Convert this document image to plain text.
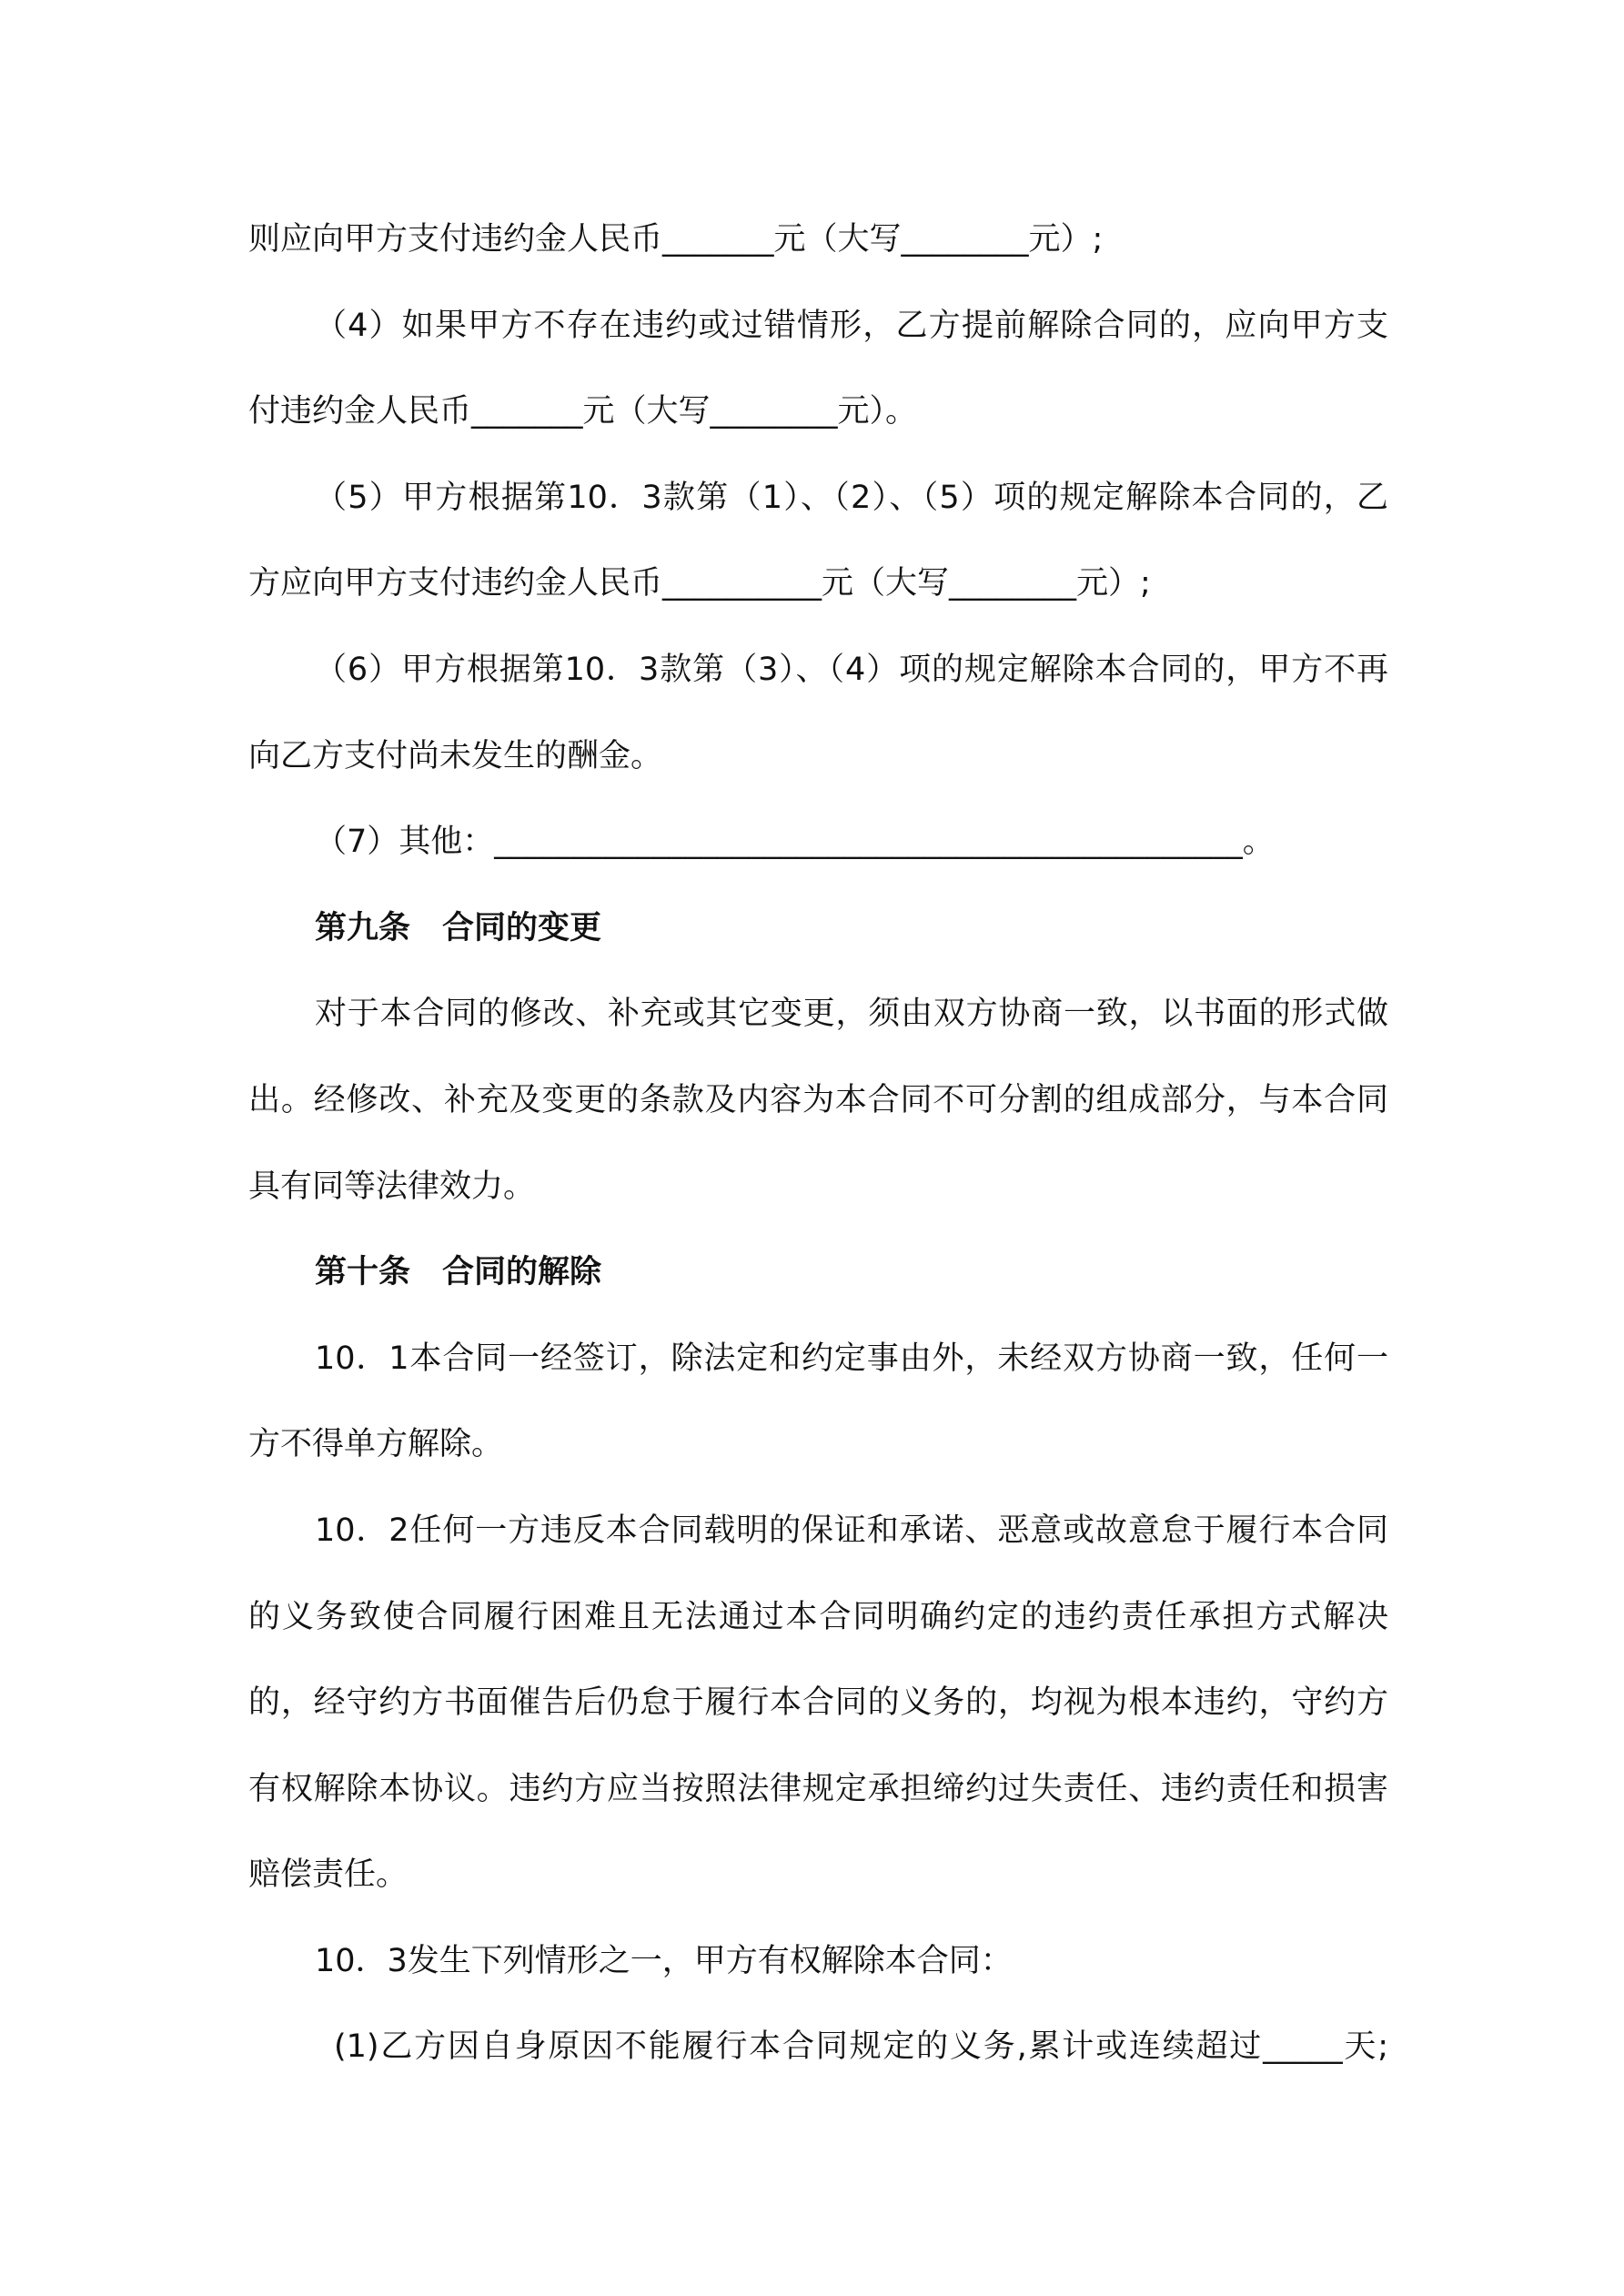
则应向甲方支付违约金人民币_______元（大写________元）;
（4）如果甲方不存在违约或过错情形，乙方提前解除合同的，应向甲方支
付违约金人民币_______元（大写________元）。
（5）甲方根据第10．3款第（1）、（2）、（5）项的规定解除本合同的，乙
方应向甲方支付违约金人民币__________元（大写________元）;
（6）甲方根据第10．3款第（3）、（4）项的规定解除本合同的，甲方不再
向乙方支付尚未发生的酬金。
（7）其他：_______________________________________________。
第九条　合同的变更
对于本合同的修改、补充或其它变更，须由双方协商一致，以书面的形式做
出。经修改、补充及变更的条款及内容为本合同不可分割的组成部分，与本合同
具有同等法律效力。
第十条　合同的解除
10．1本合同一经签订，除法定和约定事由外，未经双方协商一致，任何一
方不得单方解除。
10．2任何一方违反本合同载明的保证和承诺、恶意或故意怠于履行本合同
的义务致使合同履行困难且无法通过本合同明确约定的违约责任承担方式解决
的，经守约方书面催告后仍怠于履行本合同的义务的，均视为根本违约，守约方
有权解除本协议。违约方应当按照法律规定承担缔约过失责任、违约责任和损害
赔偿责任。
10．3发生下列情形之一，甲方有权解除本合同：
(1)乙方因自身原因不能履行本合同规定的义务,累计或连续超过_____天;
